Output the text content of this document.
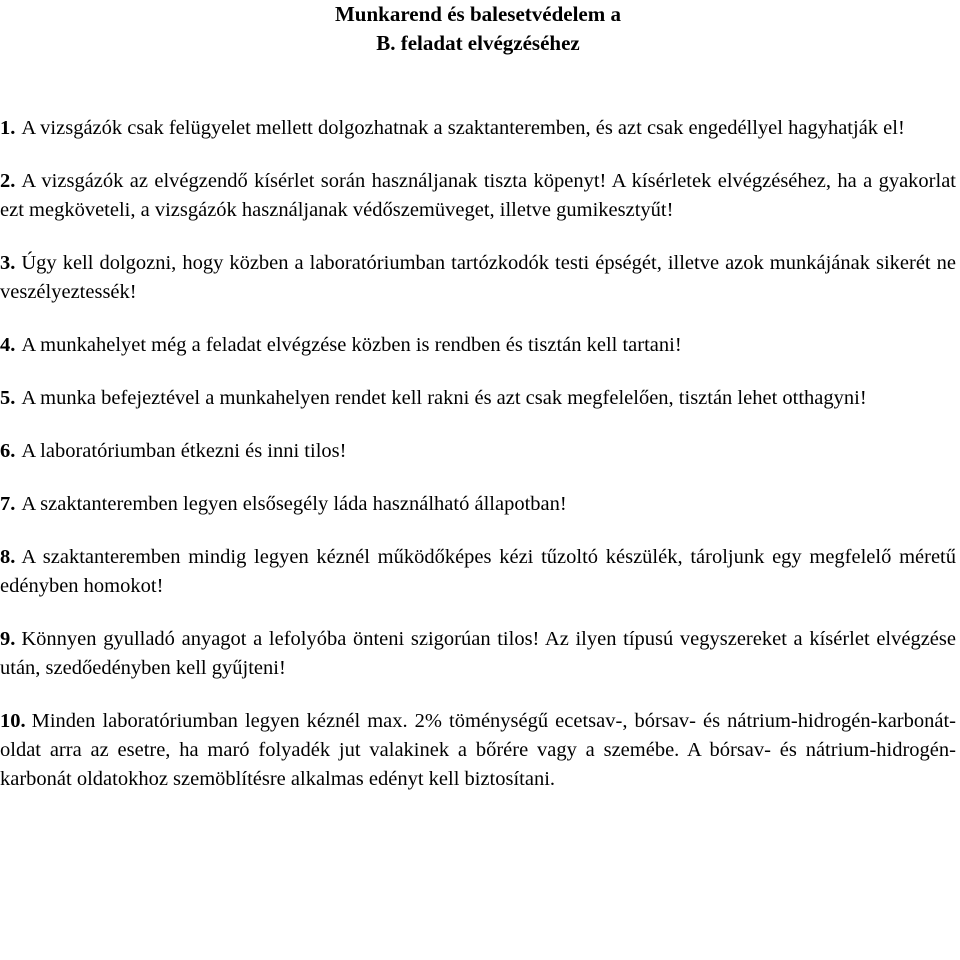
Munkarend és balesetvédelem a
B. feladat elvégzéséhez
1. A vizsgázók csak felügyelet mellett dolgozhatnak a szaktanteremben, és azt csak engedéllyel hagyhatják el!
2. A vizsgázók az elvégzendő kísérlet során használjanak tiszta köpenyt! A kísérletek elvégzéséhez, ha a gyakorlat ezt megköveteli, a vizsgázók használjanak védőszemüveget, illetve gumikesztyűt!
3. Úgy kell dolgozni, hogy közben a laboratóriumban tartózkodók testi épségét, illetve azok munkájának sikerét ne veszélyeztessék!
4. A munkahelyet még a feladat elvégzése közben is rendben és tisztán kell tartani!
5. A munka befejeztével a munkahelyen rendet kell rakni és azt csak megfelelően, tisztán lehet otthagyni!
6. A laboratóriumban étkezni és inni tilos!
7. A szaktanteremben legyen elsősegély láda használható állapotban!
8. A szaktanteremben mindig legyen kéznél működőképes kézi tűzoltó készülék, tároljunk egy megfelelő méretű edényben homokot!
9. Könnyen gyulladó anyagot a lefolyóba önteni szigorúan tilos! Az ilyen típusú vegyszereket a kísérlet elvégzése után, szedőedényben kell gyűjteni!
10. Minden laboratóriumban legyen kéznél max. 2% töménységű ecetsav-, bórsav- és nátrium-hidrogén-karbonát-oldat arra az esetre, ha maró folyadék jut valakinek a bőrére vagy a szemébe. A bórsav- és nátrium-hidrogén-karbonát oldatokhoz szemöblítésre alkalmas edényt kell biztosítani.
